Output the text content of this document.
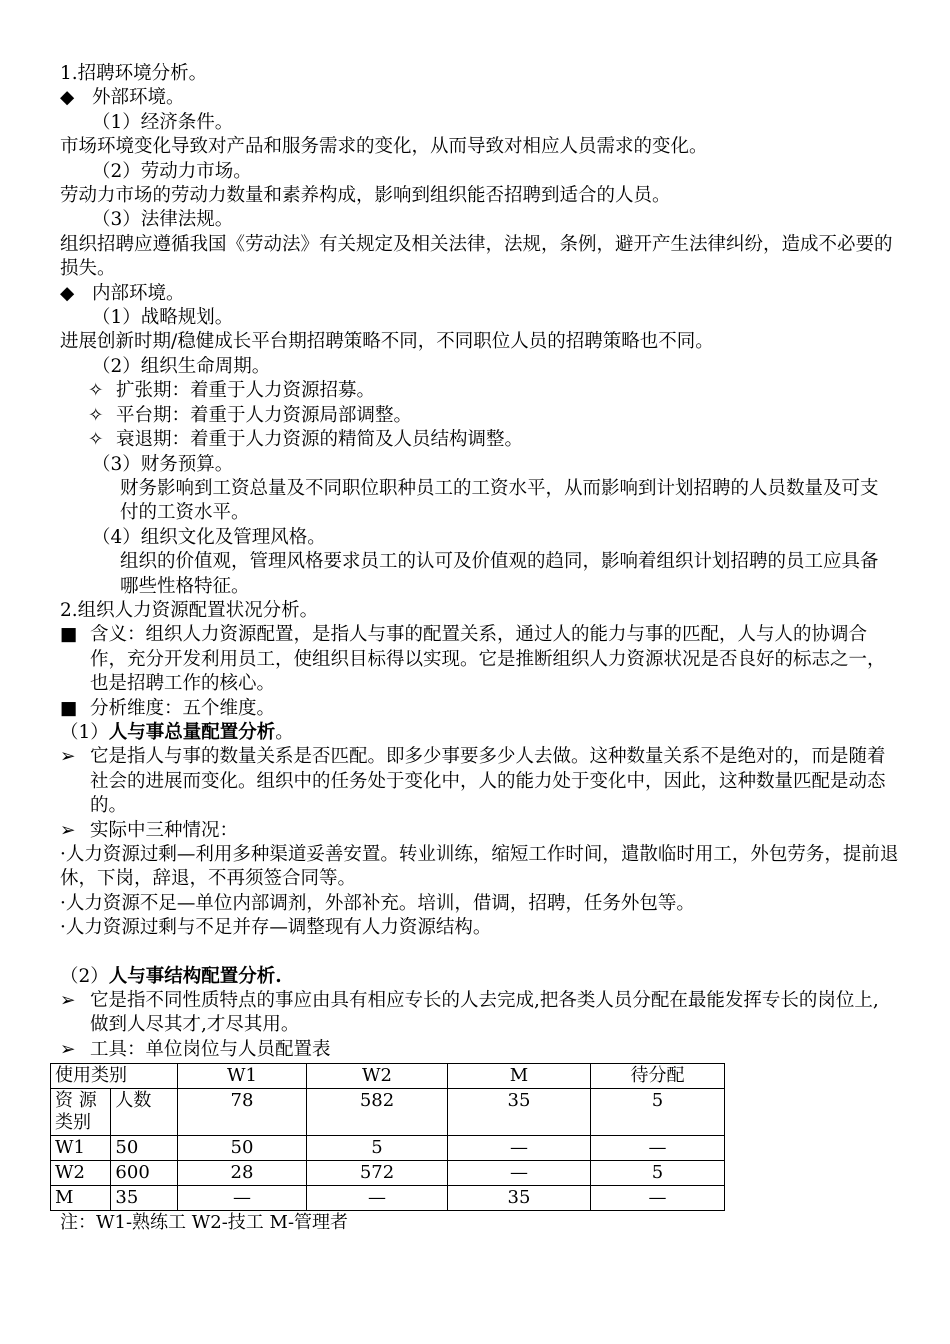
1.招聘环境分析。
◆ 外部环境。
（1）经济条件。
市场环境变化导致对产品和服务需求的变化，从而导致对相应人员需求的变化。
（2）劳动力市场。
劳动力市场的劳动力数量和素养构成，影响到组织能否招聘到适合的人员。
（3）法律法规。
组织招聘应遵循我国《劳动法》有关规定及相关法律，法规，条例，避开产生法律纠纷，造成不必要的损失。
◆ 内部环境。
（1）战略规划。
进展创新时期/稳健成长平台期招聘策略不同，不同职位人员的招聘策略也不同。
（2）组织生命周期。
✧ 扩张期：着重于人力资源招募。
✧ 平台期：着重于人力资源局部调整。
✧ 衰退期：着重于人力资源的精简及人员结构调整。
（3）财务预算。
财务影响到工资总量及不同职位职种员工的工资水平，从而影响到计划招聘的人员数量及可支付的工资水平。
（4）组织文化及管理风格。
组织的价值观，管理风格要求员工的认可及价值观的趋同，影响着组织计划招聘的员工应具备哪些性格特征。
2.组织人力资源配置状况分析。
■ 含义：组织人力资源配置，是指人与事的配置关系，通过人的能力与事的匹配，人与人的协调合作，充分开发利用员工，使组织目标得以实现。它是推断组织人力资源状况是否良好的标志之一，也是招聘工作的核心。
■ 分析维度：五个维度。
（1）人与事总量配置分析。
➢ 它是指人与事的数量关系是否匹配。即多少事要多少人去做。这种数量关系不是绝对的，而是随着社会的进展而变化。组织中的任务处于变化中，人的能力处于变化中，因此，这种数量匹配是动态的。
➢ 实际中三种情况：
·人力资源过剩—利用多种渠道妥善安置。转业训练，缩短工作时间，遣散临时用工，外包劳务，提前退休，下岗，辞退，不再须签合同等。
·人力资源不足—单位内部调剂，外部补充。培训，借调，招聘，任务外包等。
·人力资源过剩与不足并存—调整现有人力资源结构。
（2）人与事结构配置分析.
➢ 它是指不同性质特点的事应由具有相应专长的人去完成,把各类人员分配在最能发挥专长的岗位上,做到人尽其才,才尽其用。
➢ 工具：单位岗位与人员配置表
使用类别		W1	W2	M	待分配
资 源 类别	人数	78	582	35	5
W1	50	50	5	—	—
W2	600	28	572	—	5
M	35	—	—	35	—
注：W1-熟练工 W2-技工 M-管理者
